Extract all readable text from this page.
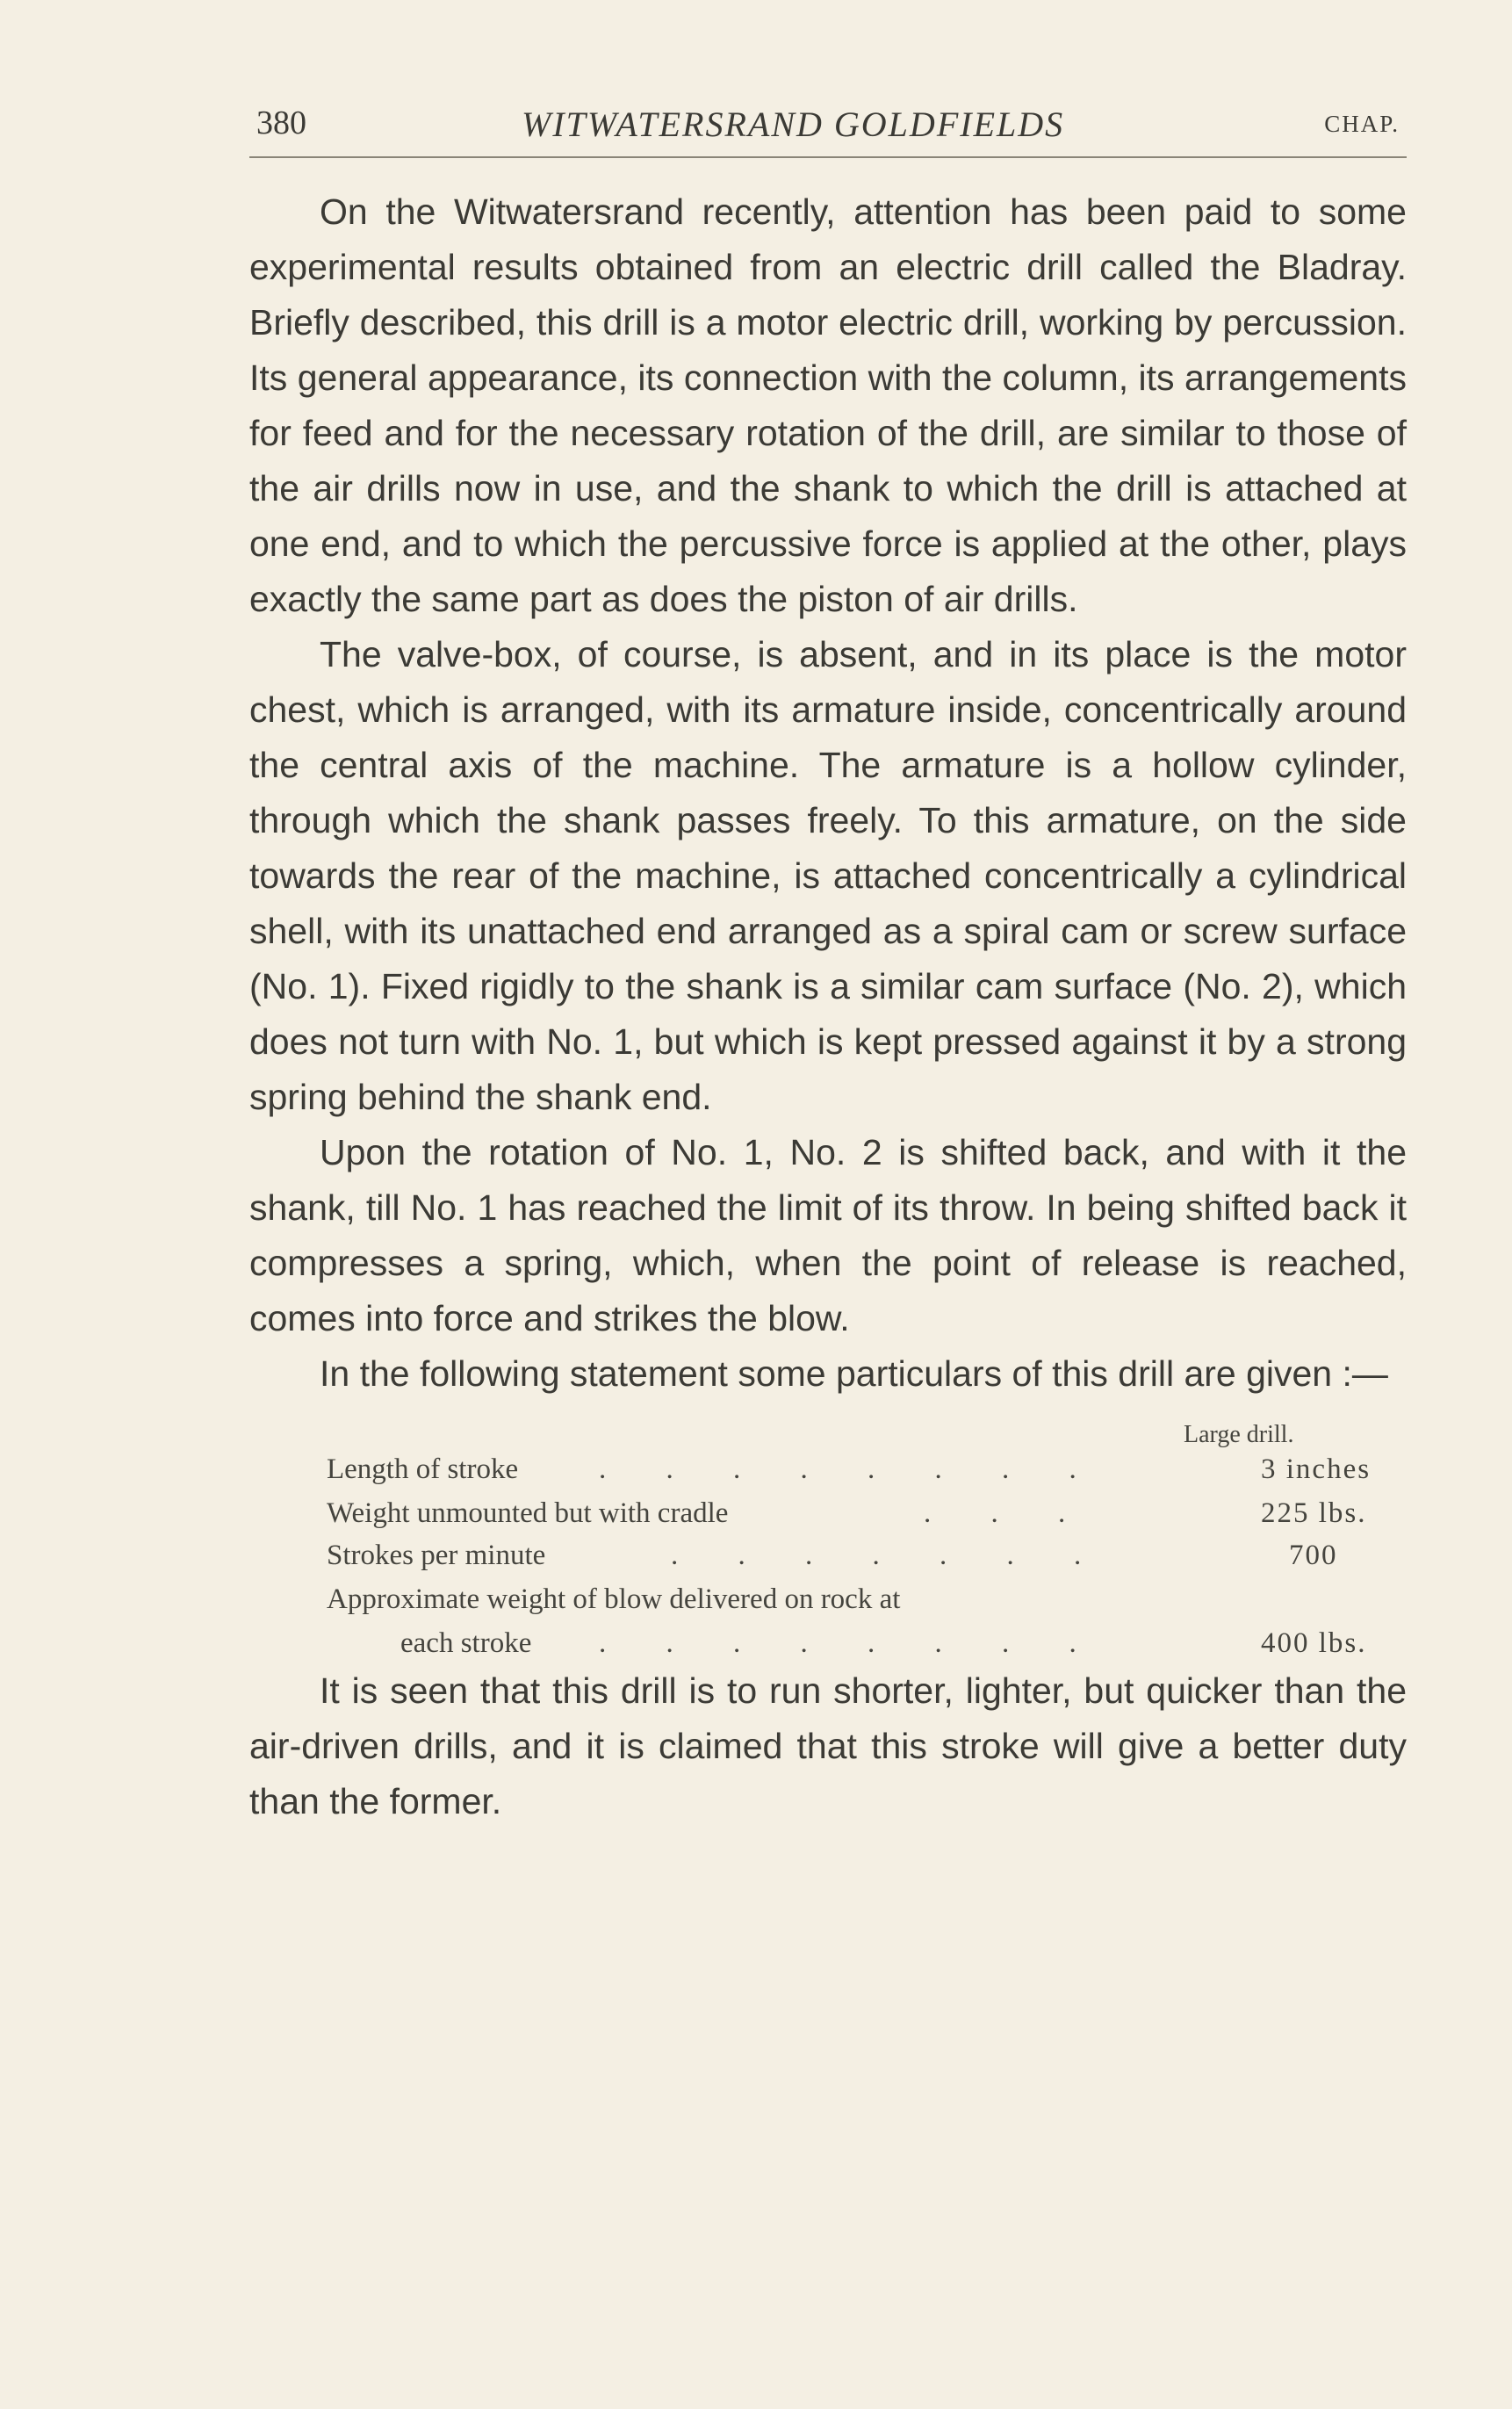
380	WITWATERSRAND GOLDFIELDS	CHAP.

On the Witwatersrand recently, attention has been paid to some experimental results obtained from an electric drill called the Bladray. Briefly described, this drill is a motor electric drill, working by percussion. Its general appearance, its connection with the column, its arrangements for feed and for the necessary rotation of the drill, are similar to those of the air drills now in use, and the shank to which the drill is attached at one end, and to which the percussive force is applied at the other, plays exactly the same part as does the piston of air drills.

The valve-box, of course, is absent, and in its place is the motor chest, which is arranged, with its armature inside, concentrically around the central axis of the machine. The armature is a hollow cylinder, through which the shank passes freely. To this armature, on the side towards the rear of the machine, is attached concentrically a cylindrical shell, with its unattached end arranged as a spiral cam or screw surface (No. 1). Fixed rigidly to the shank is a similar cam surface (No. 2), which does not turn with No. 1, but which is kept pressed against it by a strong spring behind the shank end.

Upon the rotation of No. 1, No. 2 is shifted back, and with it the shank, till No. 1 has reached the limit of its throw. In being shifted back it compresses a spring, which, when the point of release is reached, comes into force and strikes the blow.

In the following statement some particulars of this drill are given :—

Large drill.
Length of stroke	. . . . . . . .	3 inches
Weight unmounted but with cradle	. . .	225 lbs.
Strokes per minute	. . . . . . .	700
Approximate weight of blow delivered on rock at
each stroke . . . . . . . .	400 lbs.

It is seen that this drill is to run shorter, lighter, but quicker than the air-driven drills, and it is claimed that this stroke will give a better duty than the former.
